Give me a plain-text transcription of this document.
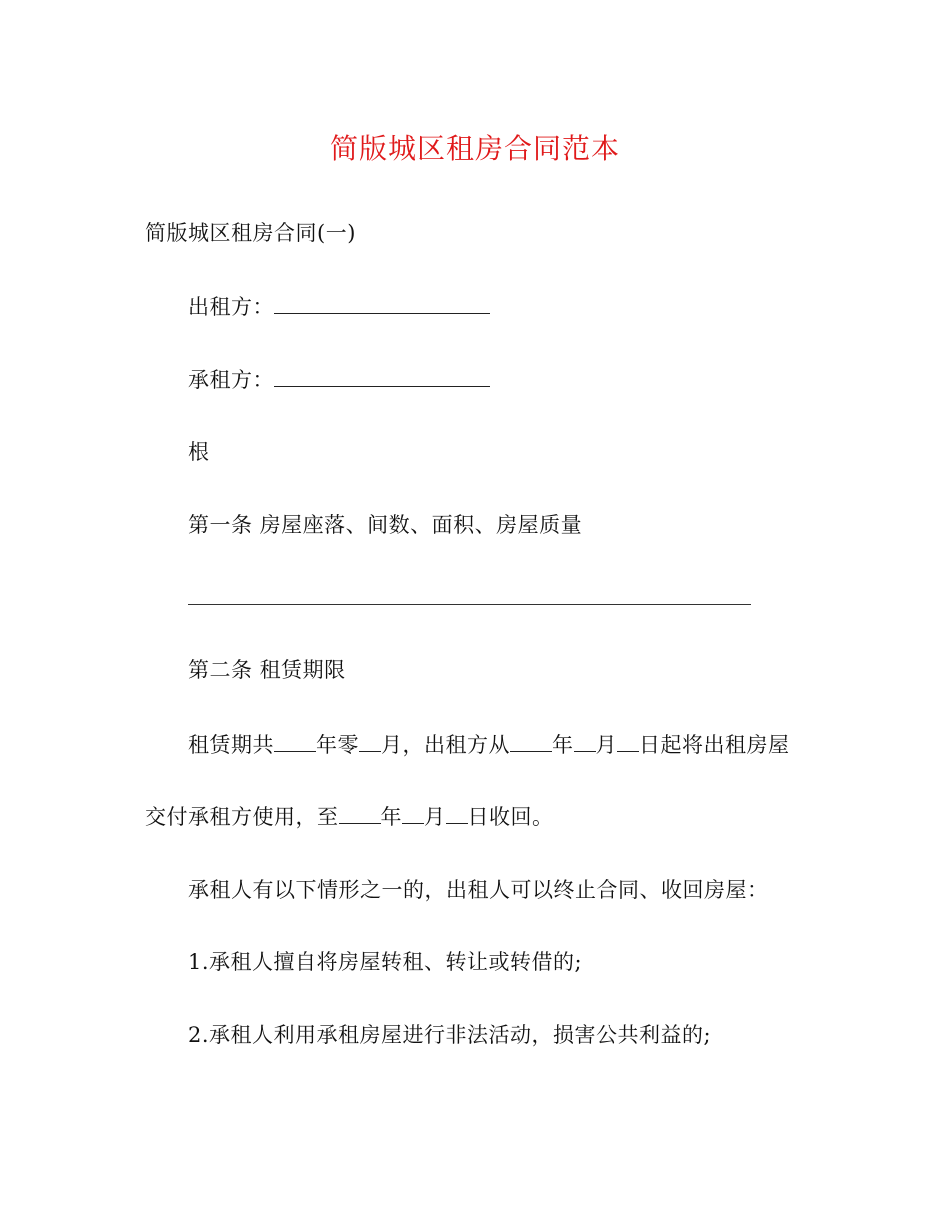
简版城区租房合同范本
简版城区租房合同(一)
出租方：
承租方：
根
第一条 房屋座落、间数、面积、房屋质量
第二条 租赁期限
租赁期共 年零 月，出租方从 年 月 日起将出租房屋
交付承租方使用，至 年 月 日收回。
承租人有以下情形之一的，出租人可以终止合同、收回房屋：
1.承租人擅自将房屋转租、转让或转借的;
2.承租人利用承租房屋进行非法活动，损害公共利益的;
